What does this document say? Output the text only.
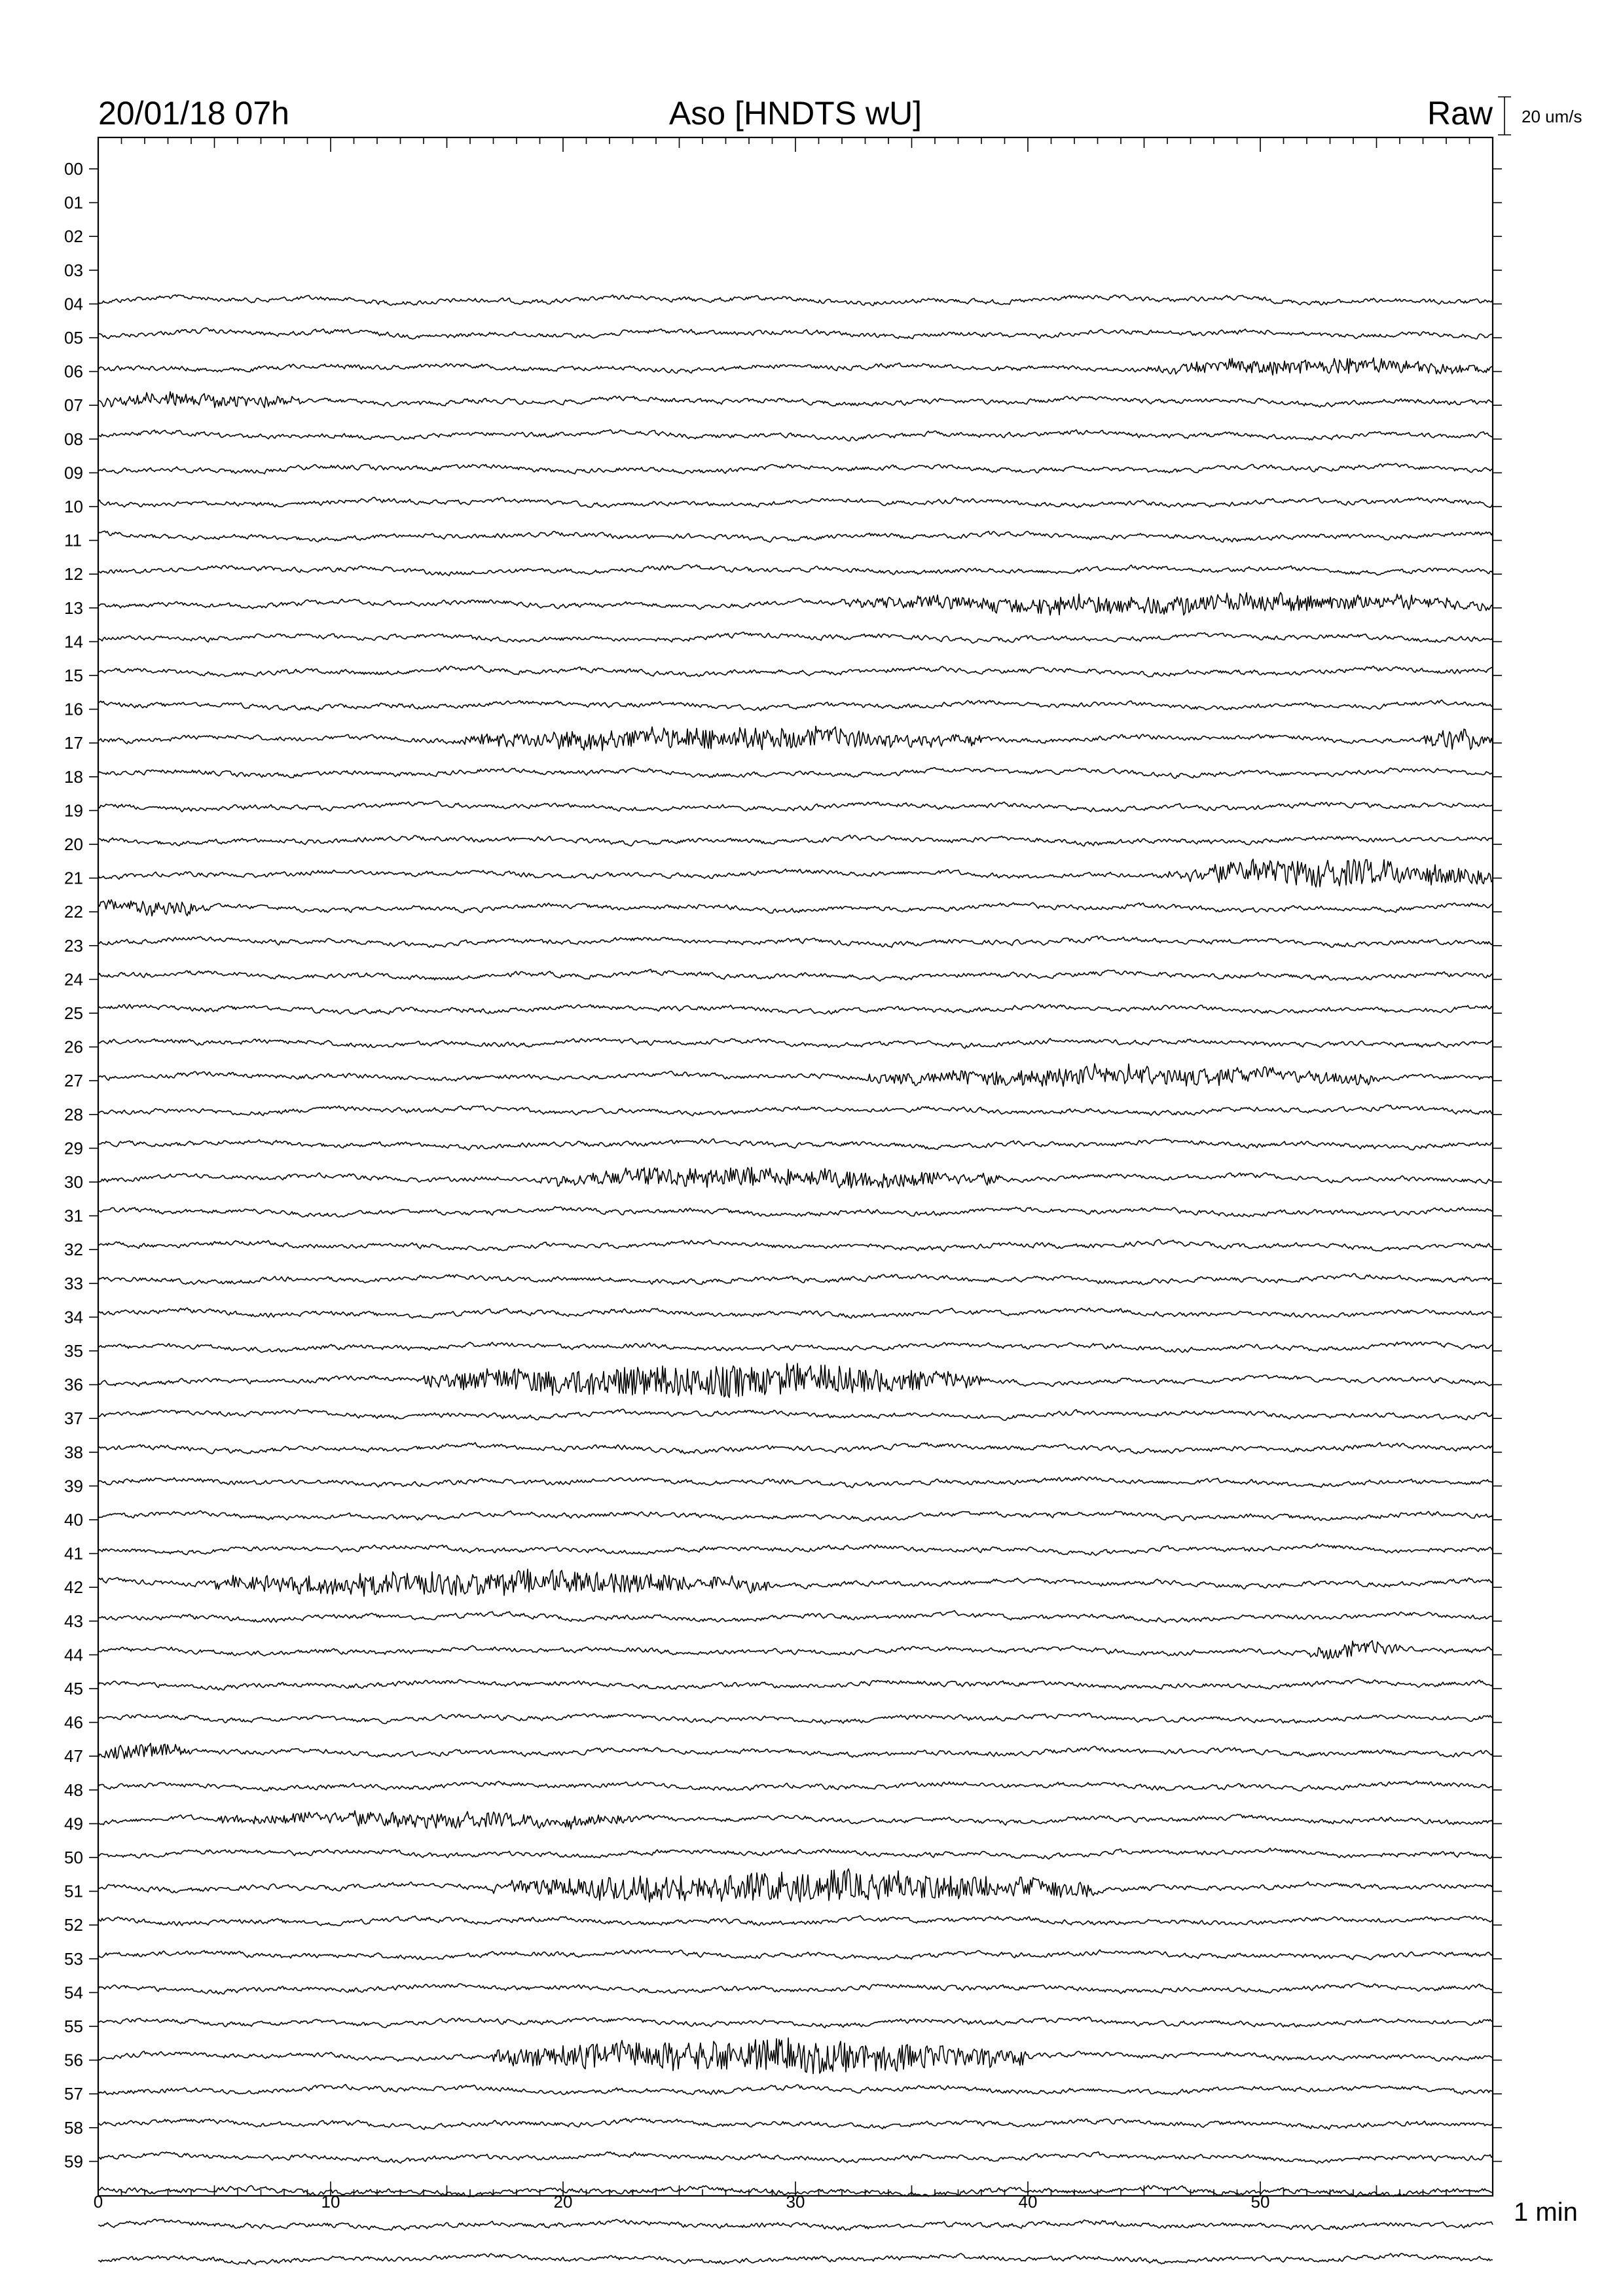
20/01/18 07h	Aso [HNDTS wU]	Raw 20 um/s
00
01
02
03
04
05
06
07
08
09
10
11
12
13
14
15
16
17
18
19
20
21
22
23
24
25
26
27
28
29
30
31
32
33
34
35
36
37
38
39
40
41
42
43
44
45
46
47
48
49
50
51
52
53
54
55
56
57
58
59
0	10	20	30	40	50	1 min
